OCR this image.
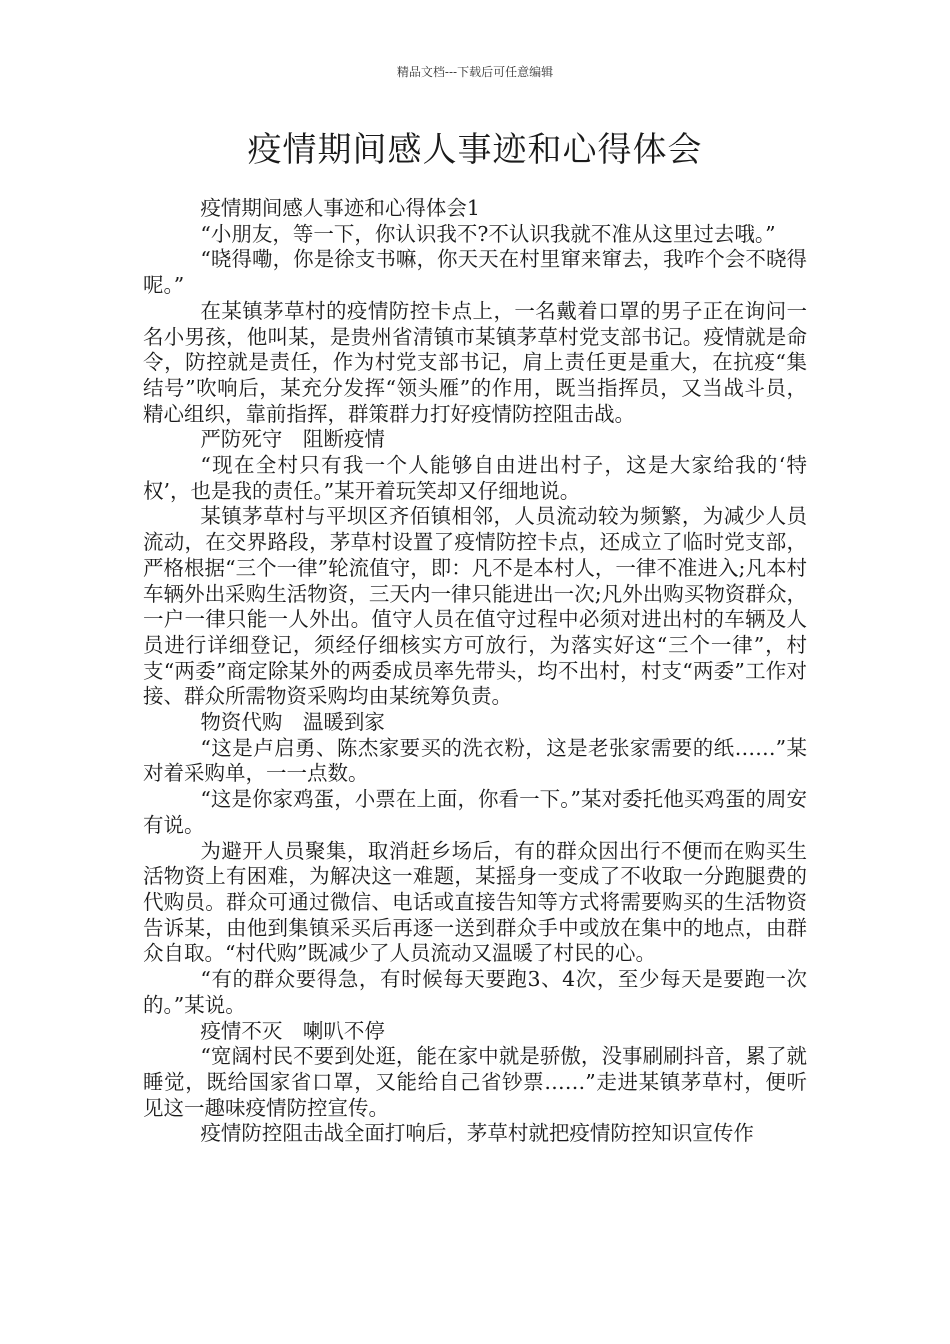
精品文档---下载后可任意编辑
疫情期间感人事迹和心得体会

疫情期间感人事迹和心得体会1

“小朋友，等一下，你认识我不?不认识我就不准从这里过去哦。”

“晓得嘞，你是徐支书嘛，你天天在村里窜来窜去，我咋个会不晓得呢。”

在某镇茅草村的疫情防控卡点上，一名戴着口罩的男子正在询问一名小男孩，他叫某，是贵州省清镇市某镇茅草村党支部书记。疫情就是命令，防控就是责任，作为村党支部书记，肩上责任更是重大，在抗疫“集结号”吹响后，某充分发挥“领头雁”的作用，既当指挥员，又当战斗员，精心组织，靠前指挥，群策群力打好疫情防控阻击战。

严防死守　阻断疫情

“现在全村只有我一个人能够自由进出村子，这是大家给我的‘特权’，也是我的责任。”某开着玩笑却又仔细地说。

某镇茅草村与平坝区齐佰镇相邻，人员流动较为频繁，为减少人员流动，在交界路段，茅草村设置了疫情防控卡点，还成立了临时党支部，严格根据“三个一律”轮流值守，即：凡不是本村人，一律不准进入;凡本村车辆外出采购生活物资，三天内一律只能进出一次;凡外出购买物资群众，一户一律只能一人外出。值守人员在值守过程中必须对进出村的车辆及人员进行详细登记，须经仔细核实方可放行，为落实好这“三个一律”，村支“两委”商定除某外的两委成员率先带头，均不出村，村支“两委”工作对接、群众所需物资采购均由某统筹负责。

物资代购　温暖到家

“这是卢启勇、陈杰家要买的洗衣粉，这是老张家需要的纸……”某对着采购单，一一点数。

“这是你家鸡蛋，小票在上面，你看一下。”某对委托他买鸡蛋的周安有说。

为避开人员聚集，取消赶乡场后，有的群众因出行不便而在购买生活物资上有困难，为解决这一难题，某摇身一变成了不收取一分跑腿费的代购员。群众可通过微信、电话或直接告知等方式将需要购买的生活物资告诉某，由他到集镇采买后再逐一送到群众手中或放在集中的地点，由群众自取。“村代购”既减少了人员流动又温暖了村民的心。

“有的群众要得急，有时候每天要跑3、4次，至少每天是要跑一次的。”某说。

疫情不灭　喇叭不停

“宽阔村民不要到处逛，能在家中就是骄傲，没事刷刷抖音，累了就睡觉，既给国家省口罩，又能给自己省钞票……”走进某镇茅草村，便听见这一趣味疫情防控宣传。

疫情防控阻击战全面打响后，茅草村就把疫情防控知识宣传作
